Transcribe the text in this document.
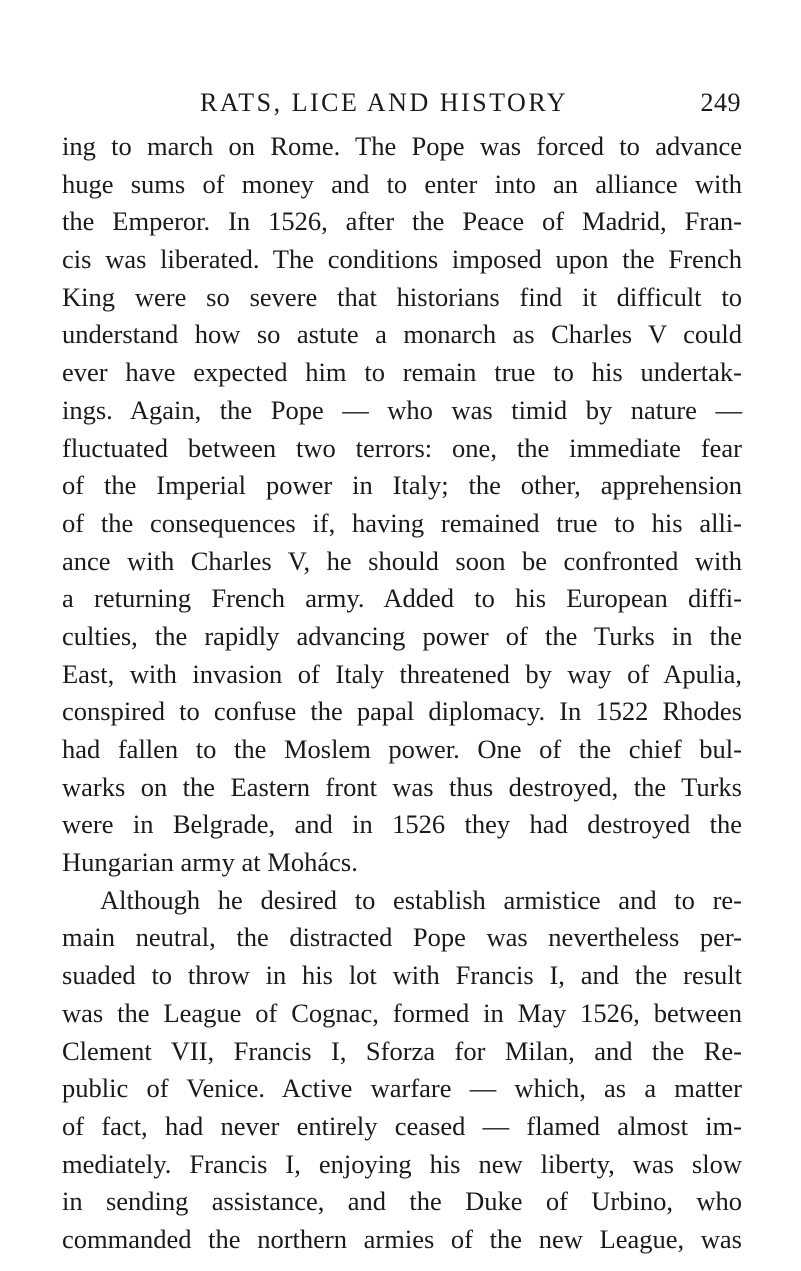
RATS, LICE AND HISTORY	249
ing to march on Rome. The Pope was forced to advance
huge sums of money and to enter into an alliance with
the Emperor. In 1526, after the Peace of Madrid, Fran-
cis was liberated. The conditions imposed upon the French
King were so severe that historians find it difficult to
understand how so astute a monarch as Charles V could
ever have expected him to remain true to his undertak-
ings. Again, the Pope — who was timid by nature —
fluctuated between two terrors: one, the immediate fear
of the Imperial power in Italy; the other, apprehension
of the consequences if, having remained true to his alli-
ance with Charles V, he should soon be confronted with
a returning French army. Added to his European diffi-
culties, the rapidly advancing power of the Turks in the
East, with invasion of Italy threatened by way of Apulia,
conspired to confuse the papal diplomacy. In 1522 Rhodes
had fallen to the Moslem power. One of the chief bul-
warks on the Eastern front was thus destroyed, the Turks
were in Belgrade, and in 1526 they had destroyed the
Hungarian army at Mohács.
Although he desired to establish armistice and to re-
main neutral, the distracted Pope was nevertheless per-
suaded to throw in his lot with Francis I, and the result
was the League of Cognac, formed in May 1526, between
Clement VII, Francis I, Sforza for Milan, and the Re-
public of Venice. Active warfare — which, as a matter
of fact, had never entirely ceased — flamed almost im-
mediately. Francis I, enjoying his new liberty, was slow
in sending assistance, and the Duke of Urbino, who
commanded the northern armies of the new League, was
